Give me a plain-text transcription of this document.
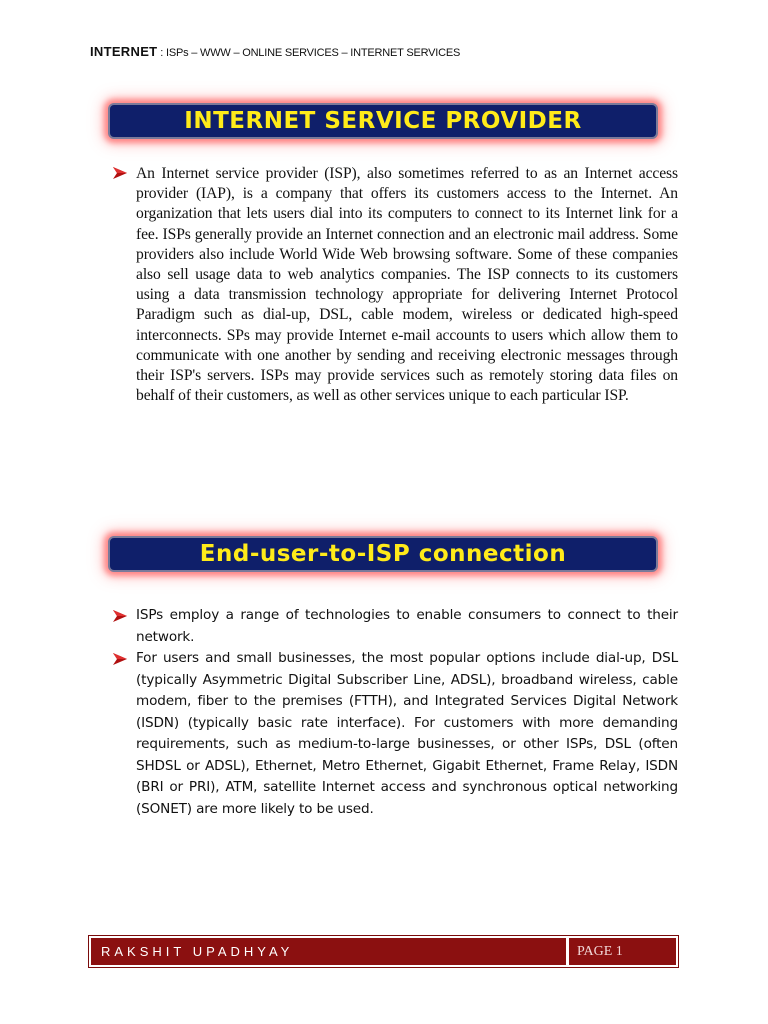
INTERNET : ISPs – WWW – ONLINE SERVICES – INTERNET SERVICES
INTERNET SERVICE PROVIDER

An Internet service provider (ISP), also sometimes referred to as an Internet access provider (IAP), is a company that offers its customers access to the Internet. An organization that lets users dial into its computers to connect to its Internet link for a fee. ISPs generally provide an Internet connection and an electronic mail address. Some providers also include World Wide Web browsing software. Some of these companies also sell usage data to web analytics companies. The ISP connects to its customers using a data transmission technology appropriate for delivering Internet Protocol Paradigm such as dial-up, DSL, cable modem, wireless or dedicated high-speed interconnects. SPs may provide Internet e-mail accounts to users which allow them to communicate with one another by sending and receiving electronic messages through their ISP's servers. ISPs may provide services such as remotely storing data files on behalf of their customers, as well as other services unique to each particular ISP.

End-user-to-ISP connection

ISPs employ a range of technologies to enable consumers to connect to their network.

For users and small businesses, the most popular options include dial-up, DSL (typically Asymmetric Digital Subscriber Line, ADSL), broadband wireless, cable modem, fiber to the premises (FTTH), and Integrated Services Digital Network (ISDN) (typically basic rate interface). For customers with more demanding requirements, such as medium-to-large businesses, or other ISPs, DSL (often SHDSL or ADSL), Ethernet, Metro Ethernet, Gigabit Ethernet, Frame Relay, ISDN (BRI or PRI), ATM, satellite Internet access and synchronous optical networking (SONET) are more likely to be used.

RAKSHIT UPADHYAY	PAGE 1
